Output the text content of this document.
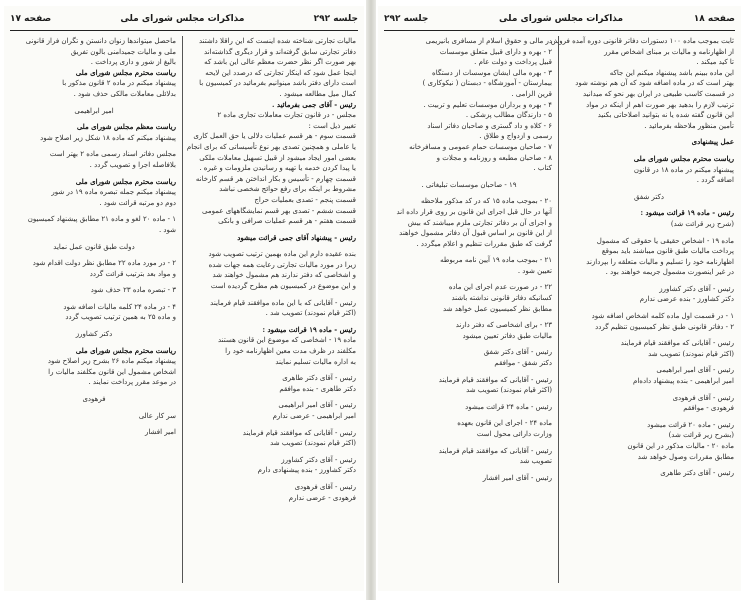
جلسه ۲۹۲
مذاکرات مجلس شورای ملی
صفحه ۱۷
مالیات تجارتی شناخته شده اینست که این راقلا داشتند
دفاتر تجارتی سابق گرفته‌اند و قرار دیگری گذاشته‌اند
بهر صورت اگر نظر حضرت معظم عالی این باشد که
اینجا عمل شود که اینکار تجارتی که درصدد این لایحه
است دارای دفتر باشد مینوانیم بفرمائید در کمیسیون با
کمال میل مطالعه میشود .
رئیس - آقای جمی بفرمائید .
مجلس - در قانون تجارت معاملات تجاری ماده ۲
تغییر ذیل است :
قسمت سوم - هر قسم عملیات دلالی یا حق العمل کاری
یا عاملی و همچنین تصدی بهر نوع تأسیساتی که برای انجام
بعضی امور ایجاد میشود از قبیل تسهیل معاملات ملکی
یا پیدا کردن خدمه یا تهیه و رسانیدن ملزومات و غیره .
قسمت چهارم - تأسیس و بکار انداختن هر قسم کارخانه
مشروط بر اینکه برای رفع حوائج شخصی نباشد
قسمت پنجم - تصدی بعملیات حراج
قسمت ششم - تصدی بهر قسم نمایشگاههای عمومی
قسمت هفتم - هر قسم عملیات صرافی و بانکی
رئیس - پیشنهاد آقای جمی قرائت میشود
بنده عقیده دارم این ماده بهمین ترتیب تصویب شود
زیرا در مورد مالیات تجارتی رعایت همه جهات شده
و اشخاصی که دفتر ندارند هم مشمول خواهند شد
و این موضوع در کمیسیون هم مطرح گردیده است
رئیس - آقایانی که با این ماده موافقند قیام فرمایند
(اکثر قیام نمودند) تصویب شد .
رئیس - ماده ۱۹ قرائت میشود :
ماده ۱۹ - اشخاصی که موضوع این قانون هستند
مکلفند در ظرف مدت معین اظهارنامه خود را
به اداره مالیات تسلیم نمایند
رئیس - آقای دکتر طاهری
دکتر طاهری - بنده موافقم
رئیس - آقای امیر ابراهیمی
امیر ابراهیمی - عرضی ندارم
رئیس - آقایانی که موافقند قیام فرمایند
(اکثر قیام نمودند) تصویب شد
رئیس - آقای دکتر کشاورز
دکتر کشاورز - بنده پیشنهادی دارم
رئیس - آقای فرهودی
فرهودی - عرضی ندارم
ماحصل میتواندها زنوان دانستن و تگران فراز قانونی
ملی و مالیات جمیدامنی بالون تفریق
بالیغ از شور و داری پرداخت .
ریاست محترم مجلس شورای ملی
پیشنهاد میکنم در ماده ۲ قانون مذکور با
بدلائلی معاملات مالکی حذف شود .
امیر ابراهیمی
ریاست معظم مجلس شورای ملی
پیشنهاد میکنم که ماده ۱۸ شکل زیر اصلاح شود
مجلس دفاتر اسناد رسمی ماده ۲ بهتر است
بلافاصله اجرا و تصویب گردد .
ریاست محترم مجلس شورای ملی
پیشنهاد میکنم جمله تبصره ماده ۱۹ در شور
دوم دو مرتبه قرائت شود .
۱ - ماده ۲۰ لغو و ماده ۲۱ مطابق پیشنهاد کمیسیون
شود .
دولت طبق قانون عمل نماید
۲ - در مورد ماده ۲۲ مطابق نظر دولت اقدام شود
و مواد بعد بترتیب قرائت گردد
۳ - تبصره ماده ۲۳ حذف شود
۴ - در ماده ۲۴ کلمه مالیات اضافه شود
و ماده ۲۵ به همین ترتیب تصویب گردد
دکتر کشاورز
ریاست محترم مجلس شورای ملی
پیشنهاد میکنم ماده ۲۶ بشرح زیر اصلاح شود
اشخاص مشمول این قانون مکلفند مالیات را
در موعد مقرر پرداخت نمایند .
فرهودی
سر کار عالی
امیر افشار
صفحه ۱۸
مذاکرات مجلس شورای ملی
جلسه ۲۹۲
ثابت بموجب ماده ۱۰۰ دستورات دفاتر قانونی دوره آمده فروش
از اظهارنامه و مالیات بر مبنای اشخاص مقرر
تا کید میکند .
این ماده ببینم باشد پیشنهاد میکنم این جاکه
بهتر است که در ماده اضافه شود که آن هم نوشته شود
در قسمت کاسب طبیعی در ایران بهر نحو که میدانید
ترتیب لازم را بدهید بهر صورت اهم از اینکه در مواد
این قانون گفته شده یا نه بتوانید اصلاحاتی بکنید
تأمین منظور ملاحظه بفرمائید .
عمل پیشنهادی
ریاست محترم مجلس شورای ملی
پیشنهاد میکنم در ماده ۱۸ در قانون
اضافه گردد .
دکتر شفق
رئیس - ماده ۱۹ قرائت میشود :
(شرح زیر قرائت شد)
ماده ۱۹ - اشخاص حقیقی یا حقوقی که مشمول
پرداخت مالیات طبق قانون میباشند باید بموقع
اظهارنامه خود را تسلیم و مالیات متعلقه را بپردازند
در غیر اینصورت مشمول جریمه خواهند بود .
رئیس - آقای دکتر کشاورز
دکتر کشاورز - بنده عرضی ندارم
۱ - در قسمت اول ماده کلمه اشخاص اضافه شود
۲ - دفاتر قانونی طبق نظر کمیسیون تنظیم گردد
رئیس - آقایانی که موافقند قیام فرمایند
(اکثر قیام نمودند) تصویب شد
رئیس - آقای امیر ابراهیمی
امیر ابراهیمی - بنده پیشنهاد داده‌ام
رئیس - آقای فرهودی
فرهودی - موافقم
رئیس - ماده ۲۰ قرائت میشود
(بشرح زیر قرائت شد)
ماده ۲۰ - مالیات مذکور در این قانون
مطابق مقررات وصول خواهد شد
رئیس - آقای دکتر طاهری
در مالی و حقوق اسلام از مسافری بانیریمی
۲ - بهره و دارای قبیل متعلق موسسات
قبیل پرداخت و دولت عام .
۳ - بهره مالی ایشان موسسات از دستگاه
بیمارستان - آموزشگاه - دبستان ( نیکوکاری )
قرین الزامی .
۴ - بهره و برداران موسسات تعلیم و تربیت .
۵ - دارندگان مطالب پزشکی .
۶ - کلاه و داد گستری و صاحبان دفاتر اسناد
رسمی و ازدواج و طلاق .
۷ - صاحبان موسسات حمام عمومی و مسافرخانه
۸ - صاحبان مطبعه و روزنامه و مجلات و
کتاب .
۱۹ - صاحبان موسسات تبلیغاتی .
۲۰ - بموجب ماده ۱۵ که در کد مذکور ملاحظه
آنها در حال قبل اجرای این قانون بر روی قرار داده اند
و اجرای آن بر دفاتر تجارتی ملزم میباشند که بیش
از این قانون بر اساس قبول آن دفاتر مشمول خواهند
گرفت که طبق مقررات تنظیم و اعلام میگردد .
۲۱ - بموجب ماده ۱۹ آیین نامه مربوطه
تعیین شود .
۲۲ - در صورت عدم اجرای این ماده
کسانیکه دفاتر قانونی نداشته باشند
مطابق نظر کمیسیون عمل خواهد شد
۲۳ - برای اشخاصی که دفتر دارند
مالیات طبق دفاتر تعیین میشود
رئیس - آقای دکتر شفق
دکتر شفق - موافقم
رئیس - آقایانی که موافقند قیام فرمایند
(اکثر قیام نمودند) تصویب شد
رئیس - ماده ۲۴ قرائت میشود
ماده ۲۴ - اجرای این قانون بعهده
وزارت دارائی محول است
رئیس - آقایانی که موافقند قیام فرمایند
تصویب شد
رئیس - آقای امیر افشار
